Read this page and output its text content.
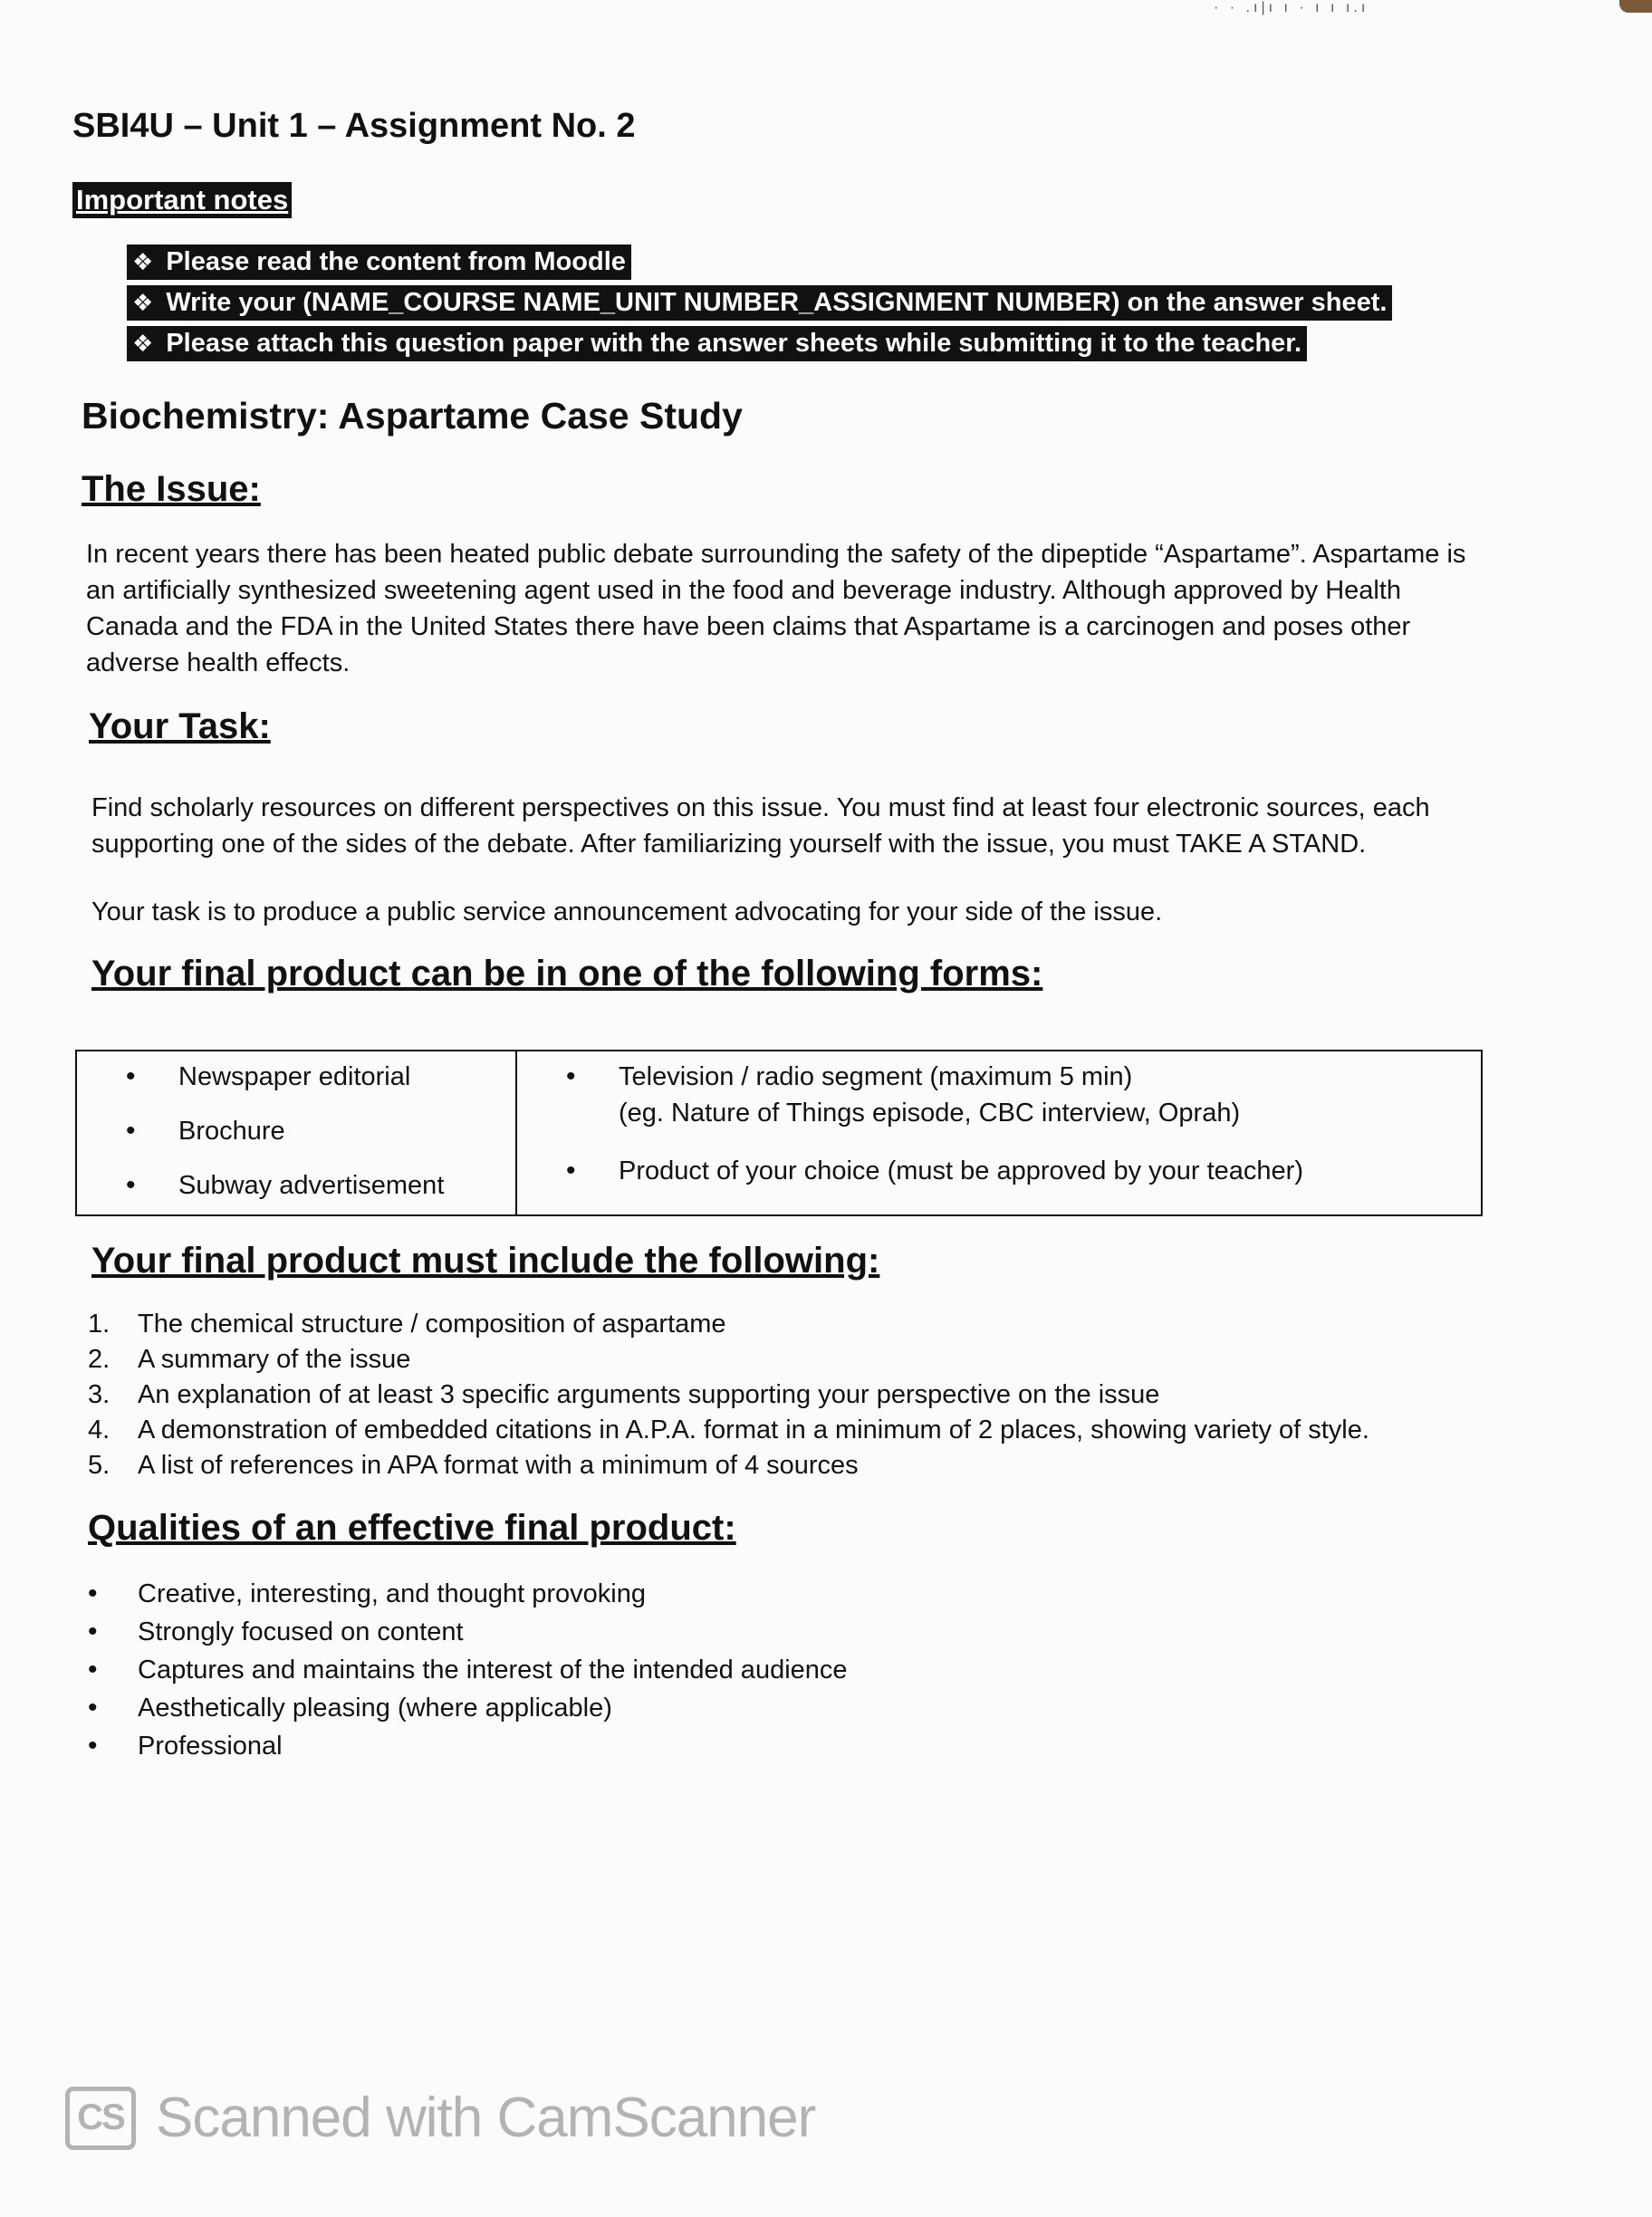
· · .ı|ı ı · ı ı ı.ı
SBI4U – Unit 1 – Assignment No. 2
Important notes
❖ Please read the content from Moodle
❖ Write your (NAME_COURSE NAME_UNIT NUMBER_ASSIGNMENT NUMBER) on the answer sheet.
❖ Please attach this question paper with the answer sheets while submitting it to the teacher.
Biochemistry: Aspartame Case Study
The Issue:

In recent years there has been heated public debate surrounding the safety of the dipeptide “Aspartame”. Aspartame is
an artificially synthesized sweetening agent used in the food and beverage industry. Although approved by Health
Canada and the FDA in the United States there have been claims that Aspartame is a carcinogen and poses other
adverse health effects.

Your Task:

Find scholarly resources on different perspectives on this issue. You must find at least four electronic sources, each
supporting one of the sides of the debate. After familiarizing yourself with the issue, you must TAKE A STAND.

Your task is to produce a public service announcement advocating for your side of the issue.

Your final product can be in one of the following forms:
• Newspaper editorial
• Brochure
• Subway advertisement
• Television / radio segment (maximum 5 min)
(eg. Nature of Things episode, CBC interview, Oprah)
• Product of your choice (must be approved by your teacher)
Your final product must include the following:
1. The chemical structure / composition of aspartame
2. A summary of the issue
3. An explanation of at least 3 specific arguments supporting your perspective on the issue
4. A demonstration of embedded citations in A.P.A. format in a minimum of 2 places, showing variety of style.
5. A list of references in APA format with a minimum of 4 sources
Qualities of an effective final product:
• Creative, interesting, and thought provoking
• Strongly focused on content
• Captures and maintains the interest of the intended audience
• Aesthetically pleasing (where applicable)
• Professional
CS Scanned with CamScanner
